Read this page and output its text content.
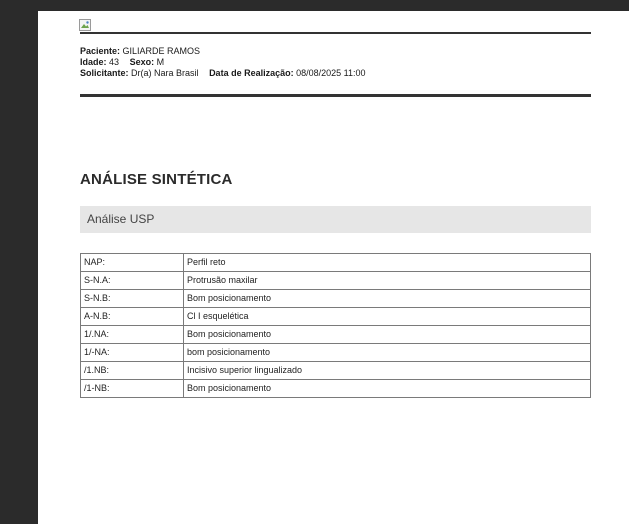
Paciente: GILIARDE RAMOS
Idade: 43 Sexo: M
Solicitante: Dr(a) Nara Brasil Data de Realização: 08/08/2025 11:00
ANÁLISE SINTÉTICA
Análise USP
NAP:	Perfil reto
S-N.A:	Protrusão maxilar
S-N.B:	Bom posicionamento
A-N.B:	Cl I esquelética
1/.NA:	Bom posicionamento
1/-NA:	bom posicionamento
/1.NB:	Incisivo superior lingualizado
/1-NB:	Bom posicionamento
